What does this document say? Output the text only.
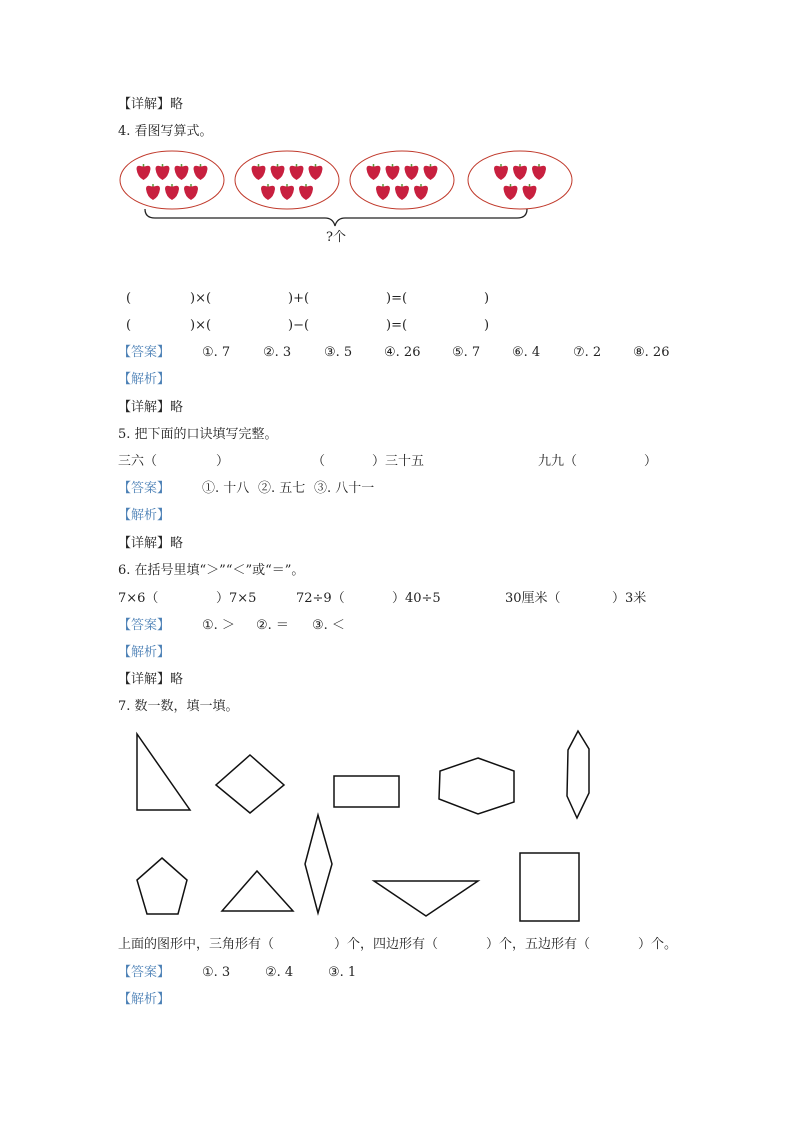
【详解】略
4. 看图写算式。
?个
(	)×(	)+(	)=(	)
(	)×(	)−(	)=(	)
【答案】 ①. 7	②. 3	③. 5 ④. 26 ⑤. 7 ⑥. 4	⑦. 2 ⑧. 26
【解析】
【详解】略
5. 把下面的口诀填写完整。
三六（	）	（	）三十五	九九（	）
【答案】 ①. 十八 ②. 五七 ③. 八十一
【解析】
【详解】略
6. 在括号里填“＞”“＜”或“＝”。
7×6（	）7×5	72÷9（	）40÷5	30厘米（	）3米
【答案】 ①. ＞ ②. ＝ ③. ＜
【解析】
【详解】略
7. 数一数，填一填。
上面的图形中，三角形有（	）个，四边形有（	）个，五边形有（	）个。
【答案】 ①. 3	②. 4	③. 1
【解析】
